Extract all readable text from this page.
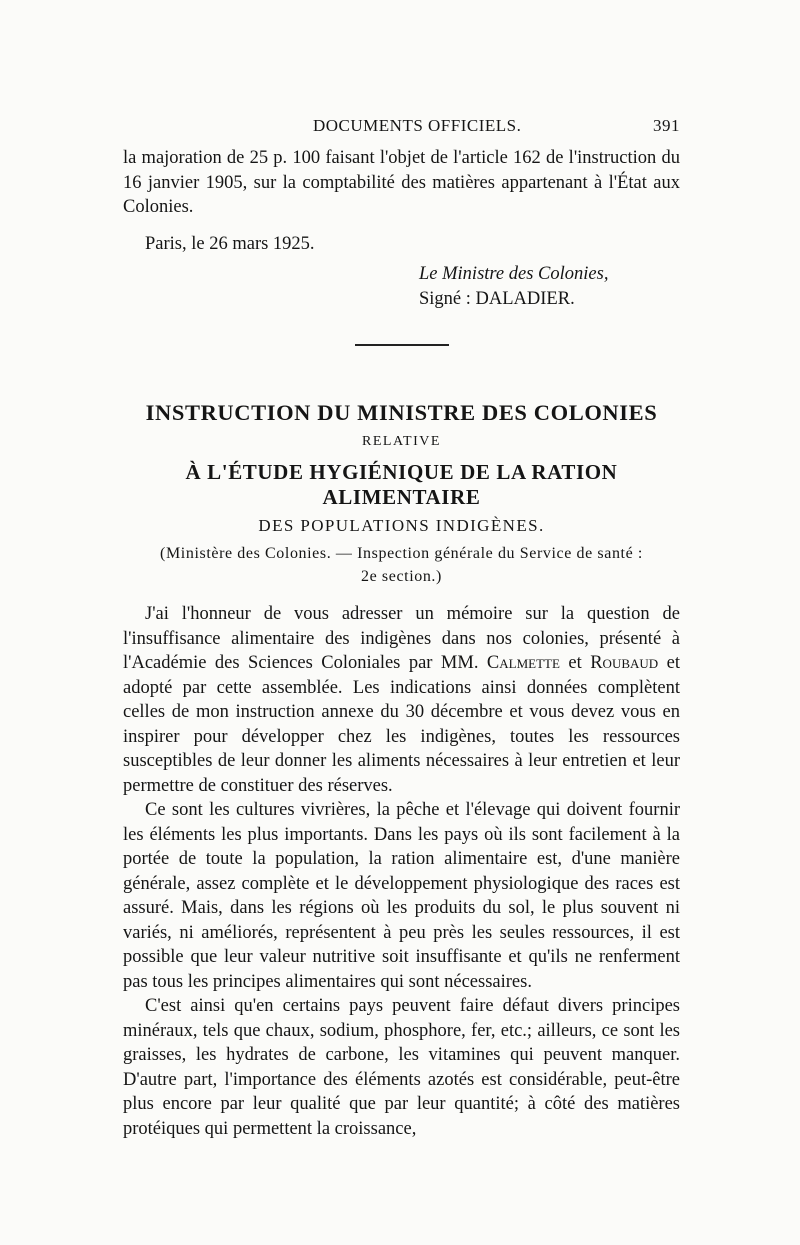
DOCUMENTS OFFICIELS.	391

la majoration de 25 p. 100 faisant l'objet de l'article 162 de l'instruction du 16 janvier 1905, sur la comptabilité des matières appartenant à l'État aux Colonies.

Paris, le 26 mars 1925.

Le Ministre des Colonies,
Signé : DALADIER.
INSTRUCTION DU MINISTRE DES COLONIES
RELATIVE
À L'ÉTUDE HYGIÉNIQUE DE LA RATION ALIMENTAIRE
DES POPULATIONS INDIGÈNES.
(Ministère des Colonies. — Inspection générale du Service de santé :
2e section.)

J'ai l'honneur de vous adresser un mémoire sur la question de l'insuffisance alimentaire des indigènes dans nos colonies, présenté à l'Académie des Sciences Coloniales par MM. Calmette et Roubaud et adopté par cette assemblée. Les indications ainsi données complètent celles de mon instruction annexe du 30 décembre et vous devez vous en inspirer pour développer chez les indigènes, toutes les ressources susceptibles de leur donner les aliments nécessaires à leur entretien et leur permettre de constituer des réserves.

Ce sont les cultures vivrières, la pêche et l'élevage qui doivent fournir les éléments les plus importants. Dans les pays où ils sont facilement à la portée de toute la population, la ration alimentaire est, d'une manière générale, assez complète et le développement physiologique des races est assuré. Mais, dans les régions où les produits du sol, le plus souvent ni variés, ni améliorés, représentent à peu près les seules ressources, il est possible que leur valeur nutritive soit insuffisante et qu'ils ne renferment pas tous les principes alimentaires qui sont nécessaires.

C'est ainsi qu'en certains pays peuvent faire défaut divers principes minéraux, tels que chaux, sodium, phosphore, fer, etc.; ailleurs, ce sont les graisses, les hydrates de carbone, les vitamines qui peuvent manquer. D'autre part, l'importance des éléments azotés est considérable, peut-être plus encore par leur qualité que par leur quantité; à côté des matières protéiques qui permettent la croissance,
